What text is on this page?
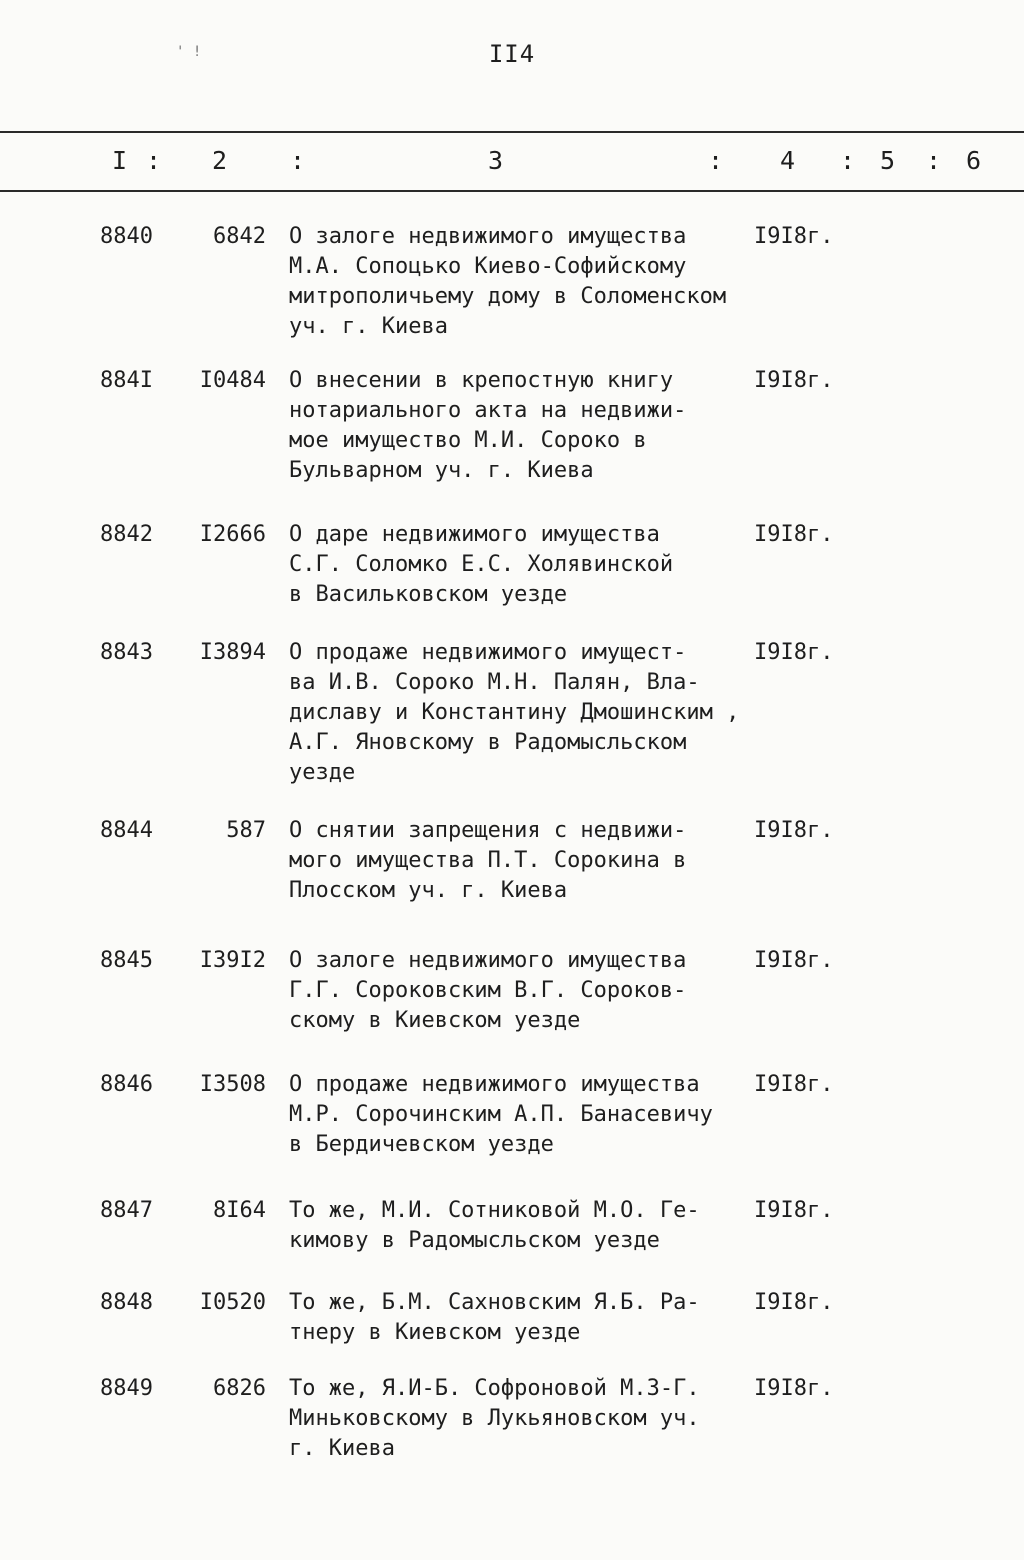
' !	II4
I : 2	:	3	: 4 : 5 : 6
8840	6842 О залоге недвижимого имущества
М.А. Сопоцько Киево-Софийскому
митрополичьему дому в Соломенском
уч. г. Киева
I9I8г.
884I	I0484 О внесении в крепостную книгу
нотариального акта на недвижи-
мое имущество М.И. Сороко в
Бульварном уч. г. Киева
I9I8г.
8842	I2666 О даре недвижимого имущества
С.Г. Соломко Е.С. Холявинской
в Васильковском уезде
I9I8г.
8843	I3894 О продаже недвижимого имущест-
ва И.В. Сороко М.Н. Палян, Вла-
диславу и Константину Дмошинским ,
А.Г. Яновскому в Радомысльском
уезде
I9I8г.
8844	587 О снятии запрещения с недвижи-
мого имущества П.Т. Сорокина в
Плосском уч. г. Киева
I9I8г.
8845	I39I2 О залоге недвижимого имущества
Г.Г. Сороковским В.Г. Сороков-
скому в Киевском уезде
I9I8г.
8846	I3508 О продаже недвижимого имущества
М.Р. Сорочинским А.П. Банасевичу
в Бердичевском уезде
I9I8г.
8847	8I64 То же, М.И. Сотниковой М.О. Ге-
кимову в Радомысльском уезде
I9I8г.
8848	I0520 То же, Б.М. Сахновским Я.Б. Ра-
тнеру в Киевском уезде
I9I8г.
8849	6826 То же, Я.И-Б. Софроновой М.З-Г.
Миньковскому в Лукьяновском уч.
г. Киева
I9I8г.
